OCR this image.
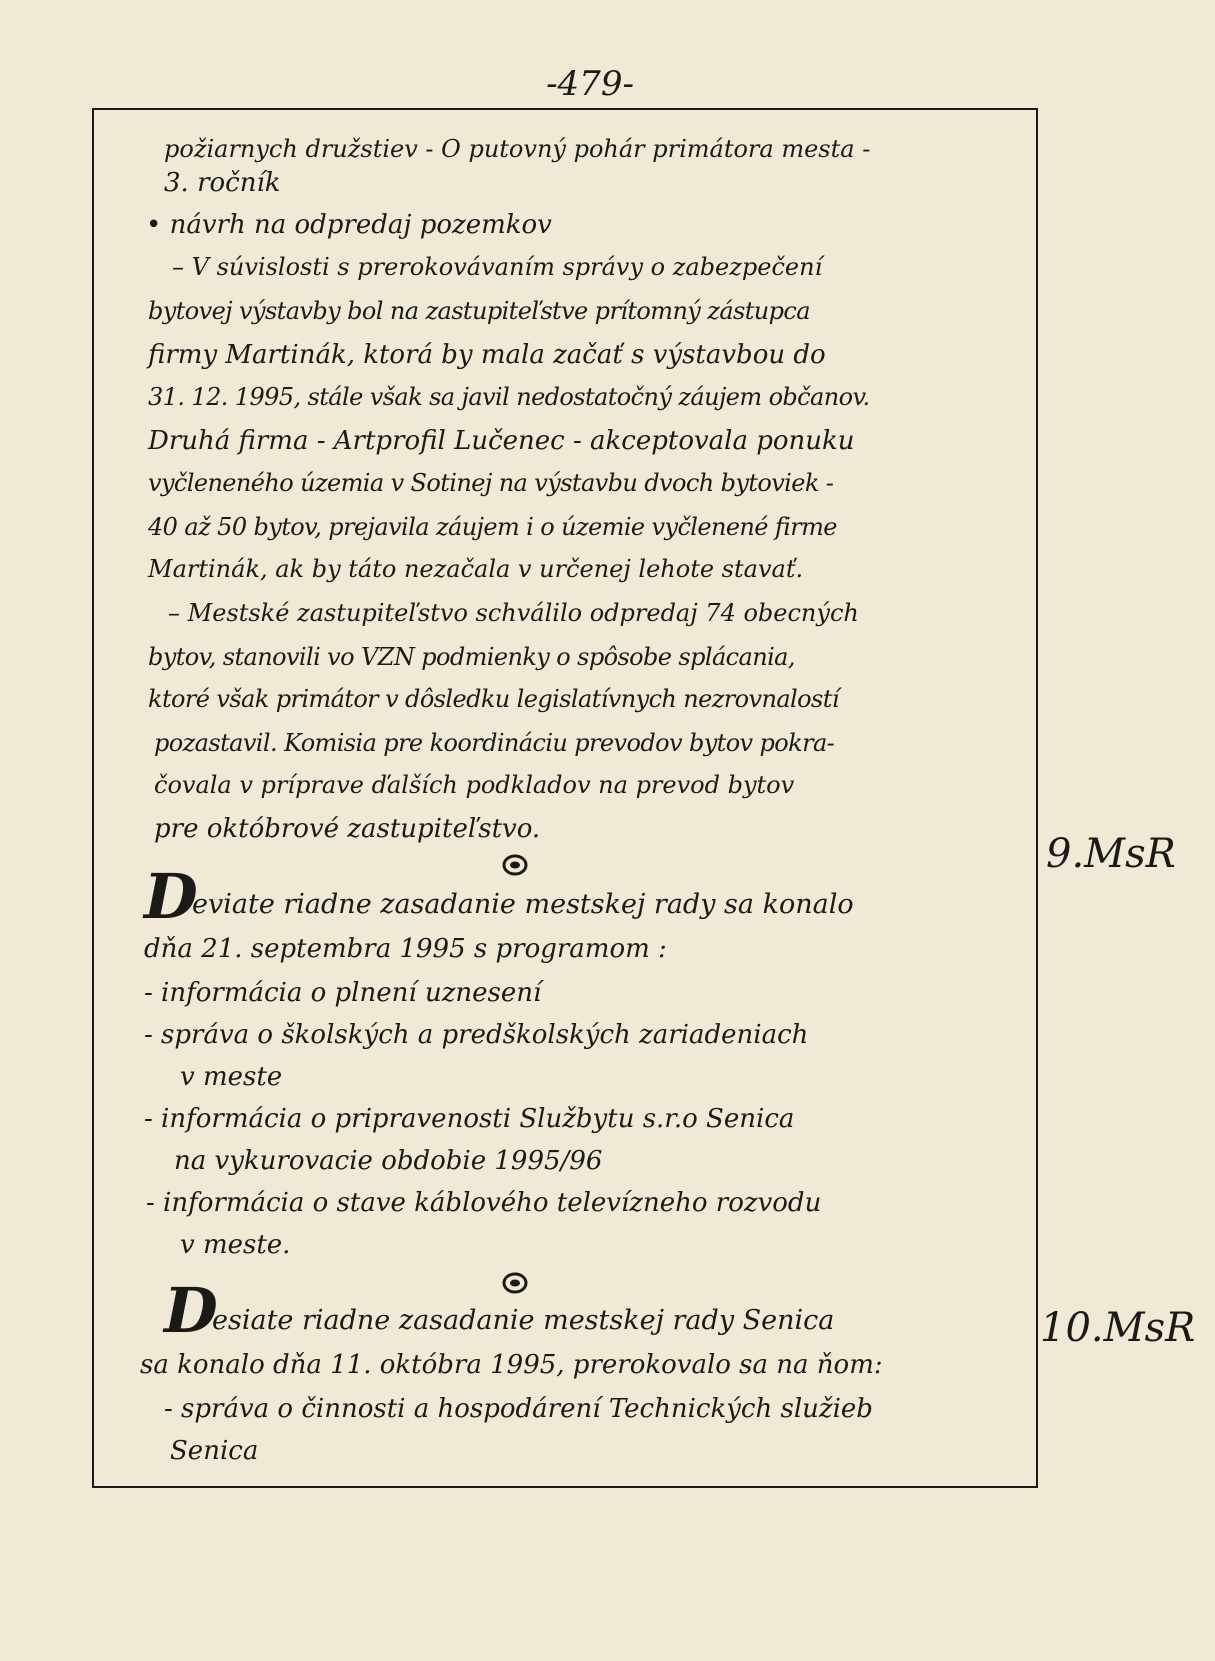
-479-
požiarnych družstiev - O putovný pohár primátora mesta -
3. ročník
• návrh na odpredaj pozemkov
– V súvislosti s prerokovávaním správy o zabezpečení
bytovej výstavby bol na zastupiteľstve prítomný zástupca
firmy Martinák, ktorá by mala začať s výstavbou do
31. 12. 1995, stále však sa javil nedostatočný záujem občanov.
Druhá firma - Artprofil Lučenec - akceptovala ponuku
vyčleneného územia v Sotinej na výstavbu dvoch bytoviek -
40 až 50 bytov, prejavila záujem i o územie vyčlenené firme
Martinák, ak by táto nezačala v určenej lehote stavať.
– Mestské zastupiteľstvo schválilo odpredaj 74 obecných
bytov, stanovili vo VZN podmienky o spôsobe splácania,
ktoré však primátor v dôsledku legislatívnych nezrovnalostí
pozastavil. Komisia pre koordináciu prevodov bytov pokra-
čovala v príprave ďalších podkladov na prevod bytov
pre októbrové zastupiteľstvo.
D
eviate riadne zasadanie mestskej rady sa konalo
dňa 21. septembra 1995 s programom :
- informácia o plnení uznesení
- správa o školských a predškolských zariadeniach
v meste
- informácia o pripravenosti Službytu s.r.o Senica
na vykurovacie obdobie 1995/96
- informácia o stave káblového televízneho rozvodu
v meste.
D
esiate riadne zasadanie mestskej rady Senica
sa konalo dňa 11. októbra 1995, prerokovalo sa na ňom:
- správa o činnosti a hospodárení Technických služieb
Senica
9.MsR
10.MsR
